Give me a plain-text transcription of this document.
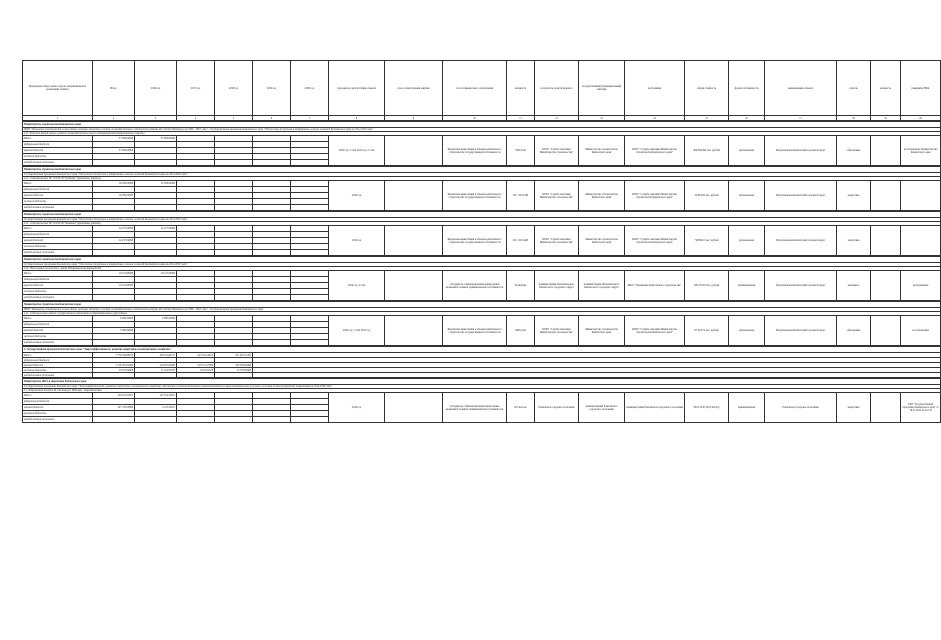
Предельная общая сумма средств, направляемых на реализацию объекта	Итого	2016 год	2017 год	2018 год	2019 год	2020 год	срок ввода в эксплуатацию объекта	срок осуществления закупки	способ финансового обеспечения	мощность	получатель средств бюджета	государственный (муниципальный) заказчик	застройщик	общая стоимость	форма собственности	наименование объекта	отрасль	мощность	реквизиты НПА
1	2	3	4	5	6	7	8	9	10	11	12	13	14	15	16	17	18	19	20
Министерство строительства Камчатского края																			
ФЦП "Повышение устойчивости жилых домов, основных объектов и систем жизнеобеспечения в сейсмических районах Российской Федерации на 2009 - 2018 годы" / Государственная программа Камчатского края "Обеспечение доступным и комфортным жильем жителей Камчатского края на 2014-2018 годы"																			
4.11. Комплекс зданий школы в районе Северо-Восточного шоссе в Петропавловске-Камчатском (2 очередь)																			
Итого	37 606,00000	37 606,00000					2016 год, 2 этап 2015 год, 2 этап		Бюджетные инвестиции в объекты капитального строительства государственной собственности	7845,8 м2	КГКУ "Служба заказчика Министерства строительства"	Министерство строительства Камчатского края	КГКУ "Служба заказчика Министерства строительства Камчатского края"	400 036,094 тыс. рублей	региональная	Петропавловск-Камчатский городской округ	образование		постановление Правительства Камчатского края
федеральный бюджет																			
краевой бюджет	37 606,00000																		
местные бюджеты																			
внебюджетные источники																			
Министерство строительства Камчатского края																			
Государственная программа Камчатского края "Обеспечение доступным и комфортным жильем жителей Камчатского края на 2014-2018 годы"																			
4.21. Строительство ПС 110/10 кВ "Грибовка" (проектные работы)																			
Итого	16 039,00300	16 039,00300					2016 год		Бюджетные инвестиции в объекты капитального строительства государственной собственности	ПС 110/10 кВ	КГКУ "Служба заказчика Министерства строительства"	Министерство строительства Камчатского края	КГКУ "Служба заказчика Министерства строительства Камчатского края"	33 802,00 тыс. рублей	региональная	Петропавловск-Камчатский городской округ	энергетика		
федеральный бюджет																			
краевой бюджет	16 039,00300																		
местные бюджеты																			
внебюджетные источники																			
Министерство строительства Камчатского края																			
Государственная программа Камчатского края "Обеспечение доступным и комфортным жильем жителей Камчатского края на 2014-2018 годы"																			
4.31. Строительство ПС 110/10 кВ "Западная" (проектные работы)																			
Итого	24 457,00000	24 457,00000					2016 год		Бюджетные инвестиции в объекты капитального строительства государственной собственности	ПС 110/10 кВ	КГКУ "Служба заказчика Министерства строительства"	Министерство строительства Камчатского края	КГКУ "Служба заказчика Министерства строительства Камчатского края"	79 809,01 тыс. рублей	региональная	Петропавловск-Камчатский городской округ	энергетика		
федеральный бюджет																			
краевой бюджет	24 457,00000																		
местные бюджеты																			
внебюджетные источники																			
Министерство строительства Камчатского края																			
Государственная программа Камчатского края "Обеспечение доступным и комфортным жильем жителей Камчатского края на 2014-2018 годы"																			
4.41. Инженерный жилой дом в городе Петропавловске-Камчатском																			
Итого	20 110,00000	20 110,00000					2016 год, 4 этап		субсидии на софинансирование капитальных вложений в объекты муниципальной собственности	50 квартир	Администрация Петропавловск-Камчатского городского округа	Администрация Петропавловск-Камчатского городского округа	МКУ "Управление капитального строительства"	520 274,65 тыс. рублей	муниципальная	Петропавловск-Камчатский городской округ	жилищное		распоряжение
федеральный бюджет																			
краевой бюджет	20 110,00000																		
местные бюджеты																			
внебюджетные источники																			
Министерство строительства Камчатского края																			
ФЦП "Повышение устойчивости жилых домов, основных объектов и систем жизнеобеспечения в сейсмических районах Российской Федерации на 2009 - 2018 годы" / Государственная программа Камчатского края																			
4.51. Сейсмоусиление здания государственного бюджетного образовательного учреждения																			
Итого	6 000,00000	6 000,00000					2016 год, 5 этап 2015 год		Бюджетные инвестиции в объекты капитального строительства государственной собственности	2993,0 м2	КГКУ "Служба заказчика Министерства строительства"	Министерство строительства Камчатского края	КГКУ "Служба заказчика Министерства строительства Камчатского края"	87 354,74 тыс. рублей	региональная	Петропавловск-Камчатский городской округ	образование		постановление
федеральный бюджет																			
краевой бюджет	5 000,00000																		
местные бюджеты																			
внебюджетные источники																			
5. Государственная программа Камчатского края "Энергоэффективность, развитие энергетики и коммунального хозяйства"					
Итого	1 770 346,08100	430 551,84725	427 322,28610	671 810,31492	
федеральный бюджет					
краевой бюджет	1 726 762,04000	419 823,04900	418 721,27000	528 053,64000	
местные бюджеты	20 974,00000	11 194,97970	9 601,01610	13 370,00000	
внебюджетные источники					
Министерство ЖКХ и энергетики Камчатского края																			
Государственная программа Камчатского края "Энергоэффективность, развитие энергетики и коммунального хозяйства, обеспечение жителей населенных пунктов Камчатского края коммунальными услугами и услугами по благоустройству территорий на 2014-2018 годы"																			
5.1. Комплексный колледж М. Осипова (ул. Рабочая) - строительство																			
Итого	140 516,52651	145 554,52651					2016 год		субсидии на софинансирование капитальных вложений в объекты муниципальной собственности	45 Гкал/час	Елизовское городское поселение	Администрация Елизовского городского поселения	Администрация Елизовского городского поселения	829 125,93 (323 422,45)	муниципальная	Елизовское городское поселение	энергетика		ГАП "Государственная программа Камчатского края" от 29.11.2014 № 451-П
федеральный бюджет																			
краевой бюджет	197 750,00000	2 110,52651																	
местные бюджеты																			
внебюджетные источники																			
